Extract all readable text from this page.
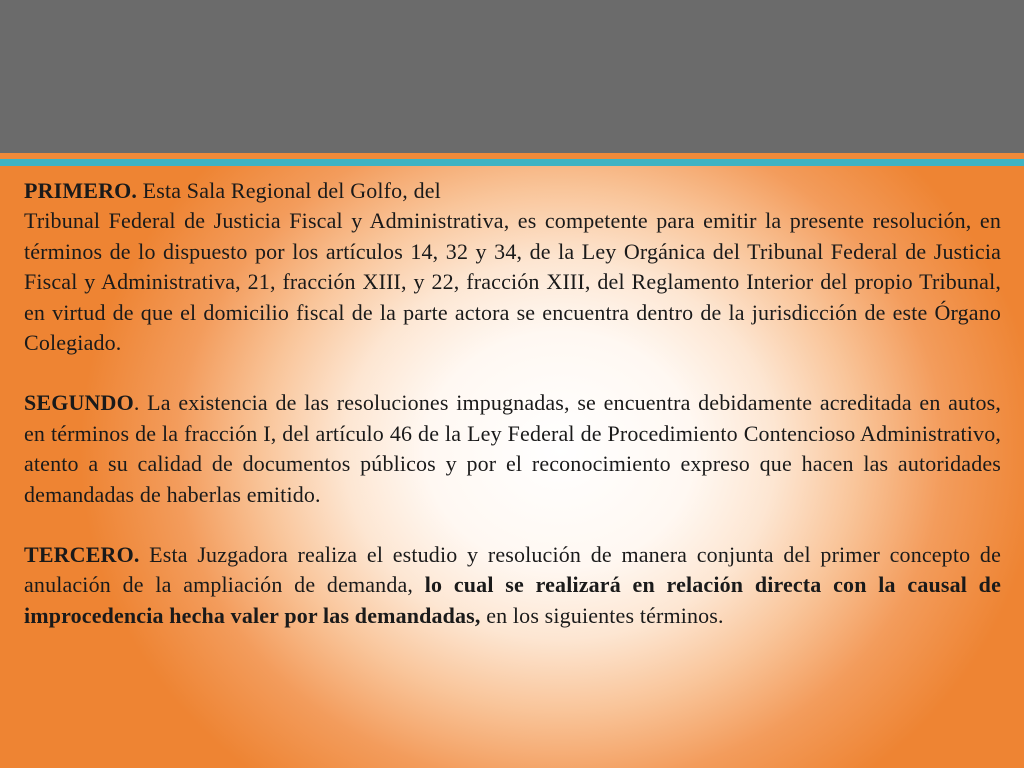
PRIMERO. Esta Sala Regional del Golfo, del
Tribunal Federal de Justicia Fiscal y Administrativa, es competente para emitir la presente resolución, en términos de lo dispuesto por los artículos 14, 32 y 34, de la Ley Orgánica del Tribunal Federal de Justicia Fiscal y Administrativa, 21, fracción XIII, y 22, fracción XIII, del Reglamento Interior del propio Tribunal, en virtud de que el domicilio fiscal de la parte actora se encuentra dentro de la jurisdicción de este Órgano Colegiado.

SEGUNDO. La existencia de las resoluciones impugnadas, se encuentra debidamente acreditada en autos, en términos de la fracción I, del artículo 46 de la Ley Federal de Procedimiento Contencioso Administrativo, atento a su calidad de documentos públicos y por el reconocimiento expreso que hacen las autoridades demandadas de haberlas emitido.

TERCERO. Esta Juzgadora realiza el estudio y resolución de manera conjunta del primer concepto de anulación de la ampliación de demanda, lo cual se realizará en relación directa con la causal de improcedencia hecha valer por las demandadas, en los siguientes términos.
